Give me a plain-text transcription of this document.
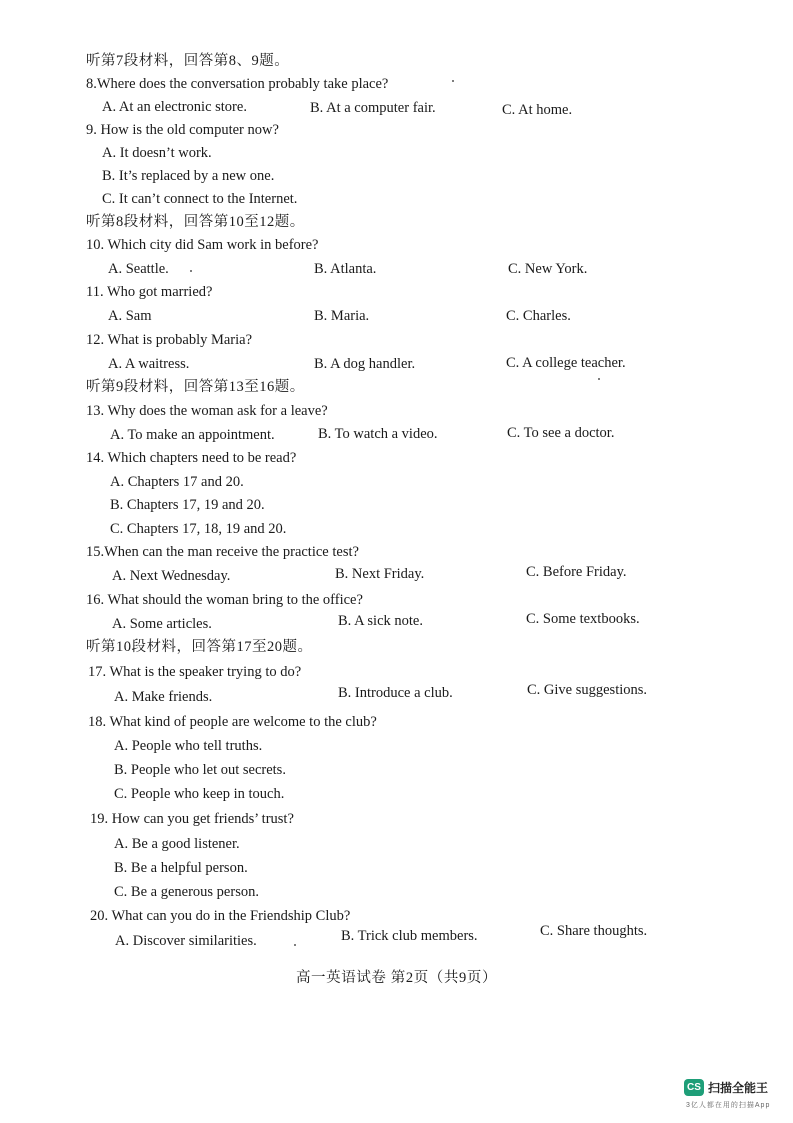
听第7段材料，回答第8、9题。
8.Where does the conversation probably take place?
A. At an electronic store.	B. At a computer fair.	C. At home.
9. How is the old computer now?
A. It doesn’t work.
B. It’s replaced by a new one.
C. It can’t connect to the Internet.
听第8段材料，回答第10至12题。
10. Which city did Sam work in before?
A. Seattle.	B. Atlanta.	C. New York.
11. Who got married?
A. Sam	B. Maria.	C. Charles.
12. What is probably Maria?
A. A waitress.	B. A dog handler.	C. A college teacher.
听第9段材料，回答第13至16题。
13. Why does the woman ask for a leave?
A. To make an appointment.	B. To watch a video.	C. To see a doctor.
14. Which chapters need to be read?
A. Chapters 17 and 20.
B. Chapters 17, 19 and 20.
C. Chapters 17, 18, 19 and 20.
15.When can the man receive the practice test?
A. Next Wednesday.	B. Next Friday.	C. Before Friday.
16. What should the woman bring to the office?
A. Some articles.	B. A sick note.	C. Some textbooks.
听第10段材料，回答第17至20题。
17. What is the speaker trying to do?
A. Make friends.	B. Introduce a club.	C. Give suggestions.
18. What kind of people are welcome to the club?
A. People who tell truths.
B. People who let out secrets.
C. People who keep in touch.
19. How can you get friends’ trust?
A. Be a good listener.
B. Be a helpful person.
C. Be a generous person.
20. What can you do in the Friendship Club?
A. Discover similarities.	B. Trick club members.	C. Share thoughts.
高一英语试卷 第2页（共9页）
CS 扫描全能王
3亿人都在用的扫描App
